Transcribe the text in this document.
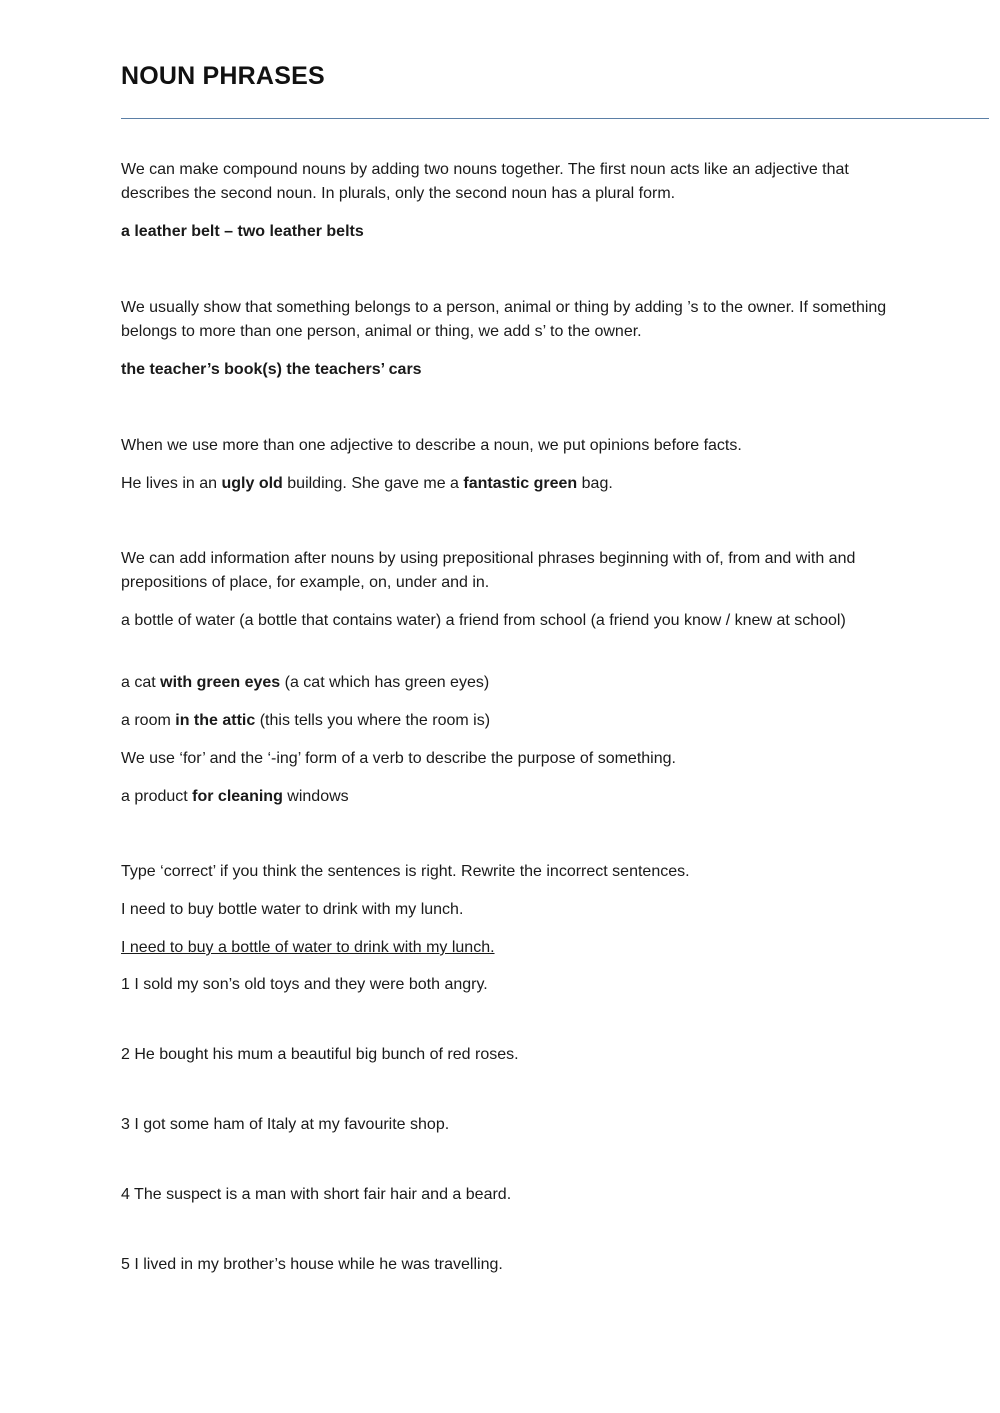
NOUN PHRASES

We can make compound nouns by adding two nouns together. The first noun acts like an adjective that describes the second noun. In plurals, only the second noun has a plural form.

a leather belt – two leather belts

We usually show that something belongs to a person, animal or thing by adding ’s to the owner. If something belongs to more than one person, animal or thing, we add s’ to the owner.

the teacher’s book(s) the teachers’ cars

When we use more than one adjective to describe a noun, we put opinions before facts.

He lives in an ugly old building. She gave me a fantastic green bag.

We can add information after nouns by using prepositional phrases beginning with of, from and with and prepositions of place, for example, on, under and in.

a bottle of water (a bottle that contains water) a friend from school (a friend you know / knew at school)

a cat with green eyes (a cat which has green eyes)

a room in the attic (this tells you where the room is)

We use ‘for’ and the ‘-ing’ form of a verb to describe the purpose of something.

a product for cleaning windows

Type ‘correct’ if you think the sentences is right. Rewrite the incorrect sentences.

I need to buy bottle water to drink with my lunch.

I need to buy a bottle of water to drink with my lunch.

1 I sold my son’s old toys and they were both angry.

2 He bought his mum a beautiful big bunch of red roses.

3 I got some ham of Italy at my favourite shop.

4 The suspect is a man with short fair hair and a beard.

5 I lived in my brother’s house while he was travelling.
